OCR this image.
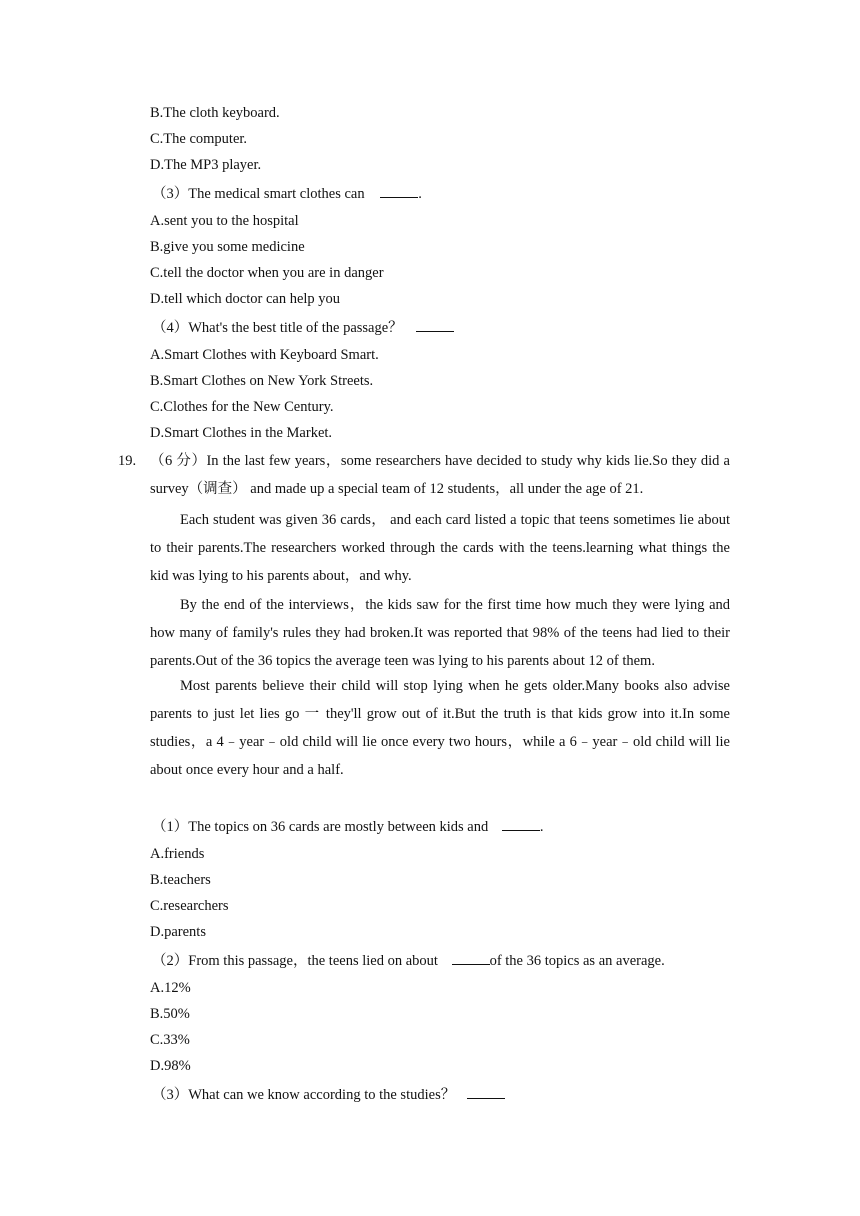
B.The cloth keyboard.
C.The computer.
D.The MP3 player.
（3）The medical smart clothes can	.
A.sent you to the hospital
B.give you some medicine
C.tell the doctor when you are in danger
D.tell which doctor can help you
（4）What's the best title of the passage？
A.Smart Clothes with Keyboard Smart.
B.Smart Clothes on New York Streets.
C.Clothes for the New Century.
D.Smart Clothes in the Market.
19. （6 分）In the last few years，some researchers have decided to study why kids lie.So they did a survey（调查） and made up a special team of 12 students，all under the age of 21.
Each student was given 36 cards， and each card listed a topic that teens sometimes lie about to their parents.The researchers worked through the cards with the teens.learning what things the kid was lying to his parents about，and why.
By the end of the interviews，the kids saw for the first time how much they were lying and how many of family's rules they had broken.It was reported that 98% of the teens had lied to their parents.Out of the 36 topics the average teen was lying to his parents about 12 of them.
Most parents believe their child will stop lying when he gets older.Many books also advise parents to just let lies go 一 they'll grow out of it.But the truth is that kids grow into it.In some studies，a 4﹣year﹣old child will lie once every two hours，while a 6﹣year﹣old child will lie about once every hour and a half.
（1）The topics on 36 cards are mostly between kids and	.
A.friends
B.teachers
C.researchers
D.parents
（2）From this passage，the teens lied on about	of the 36 topics as an average.
A.12%
B.50%
C.33%
D.98%
（3）What can we know according to the studies？
